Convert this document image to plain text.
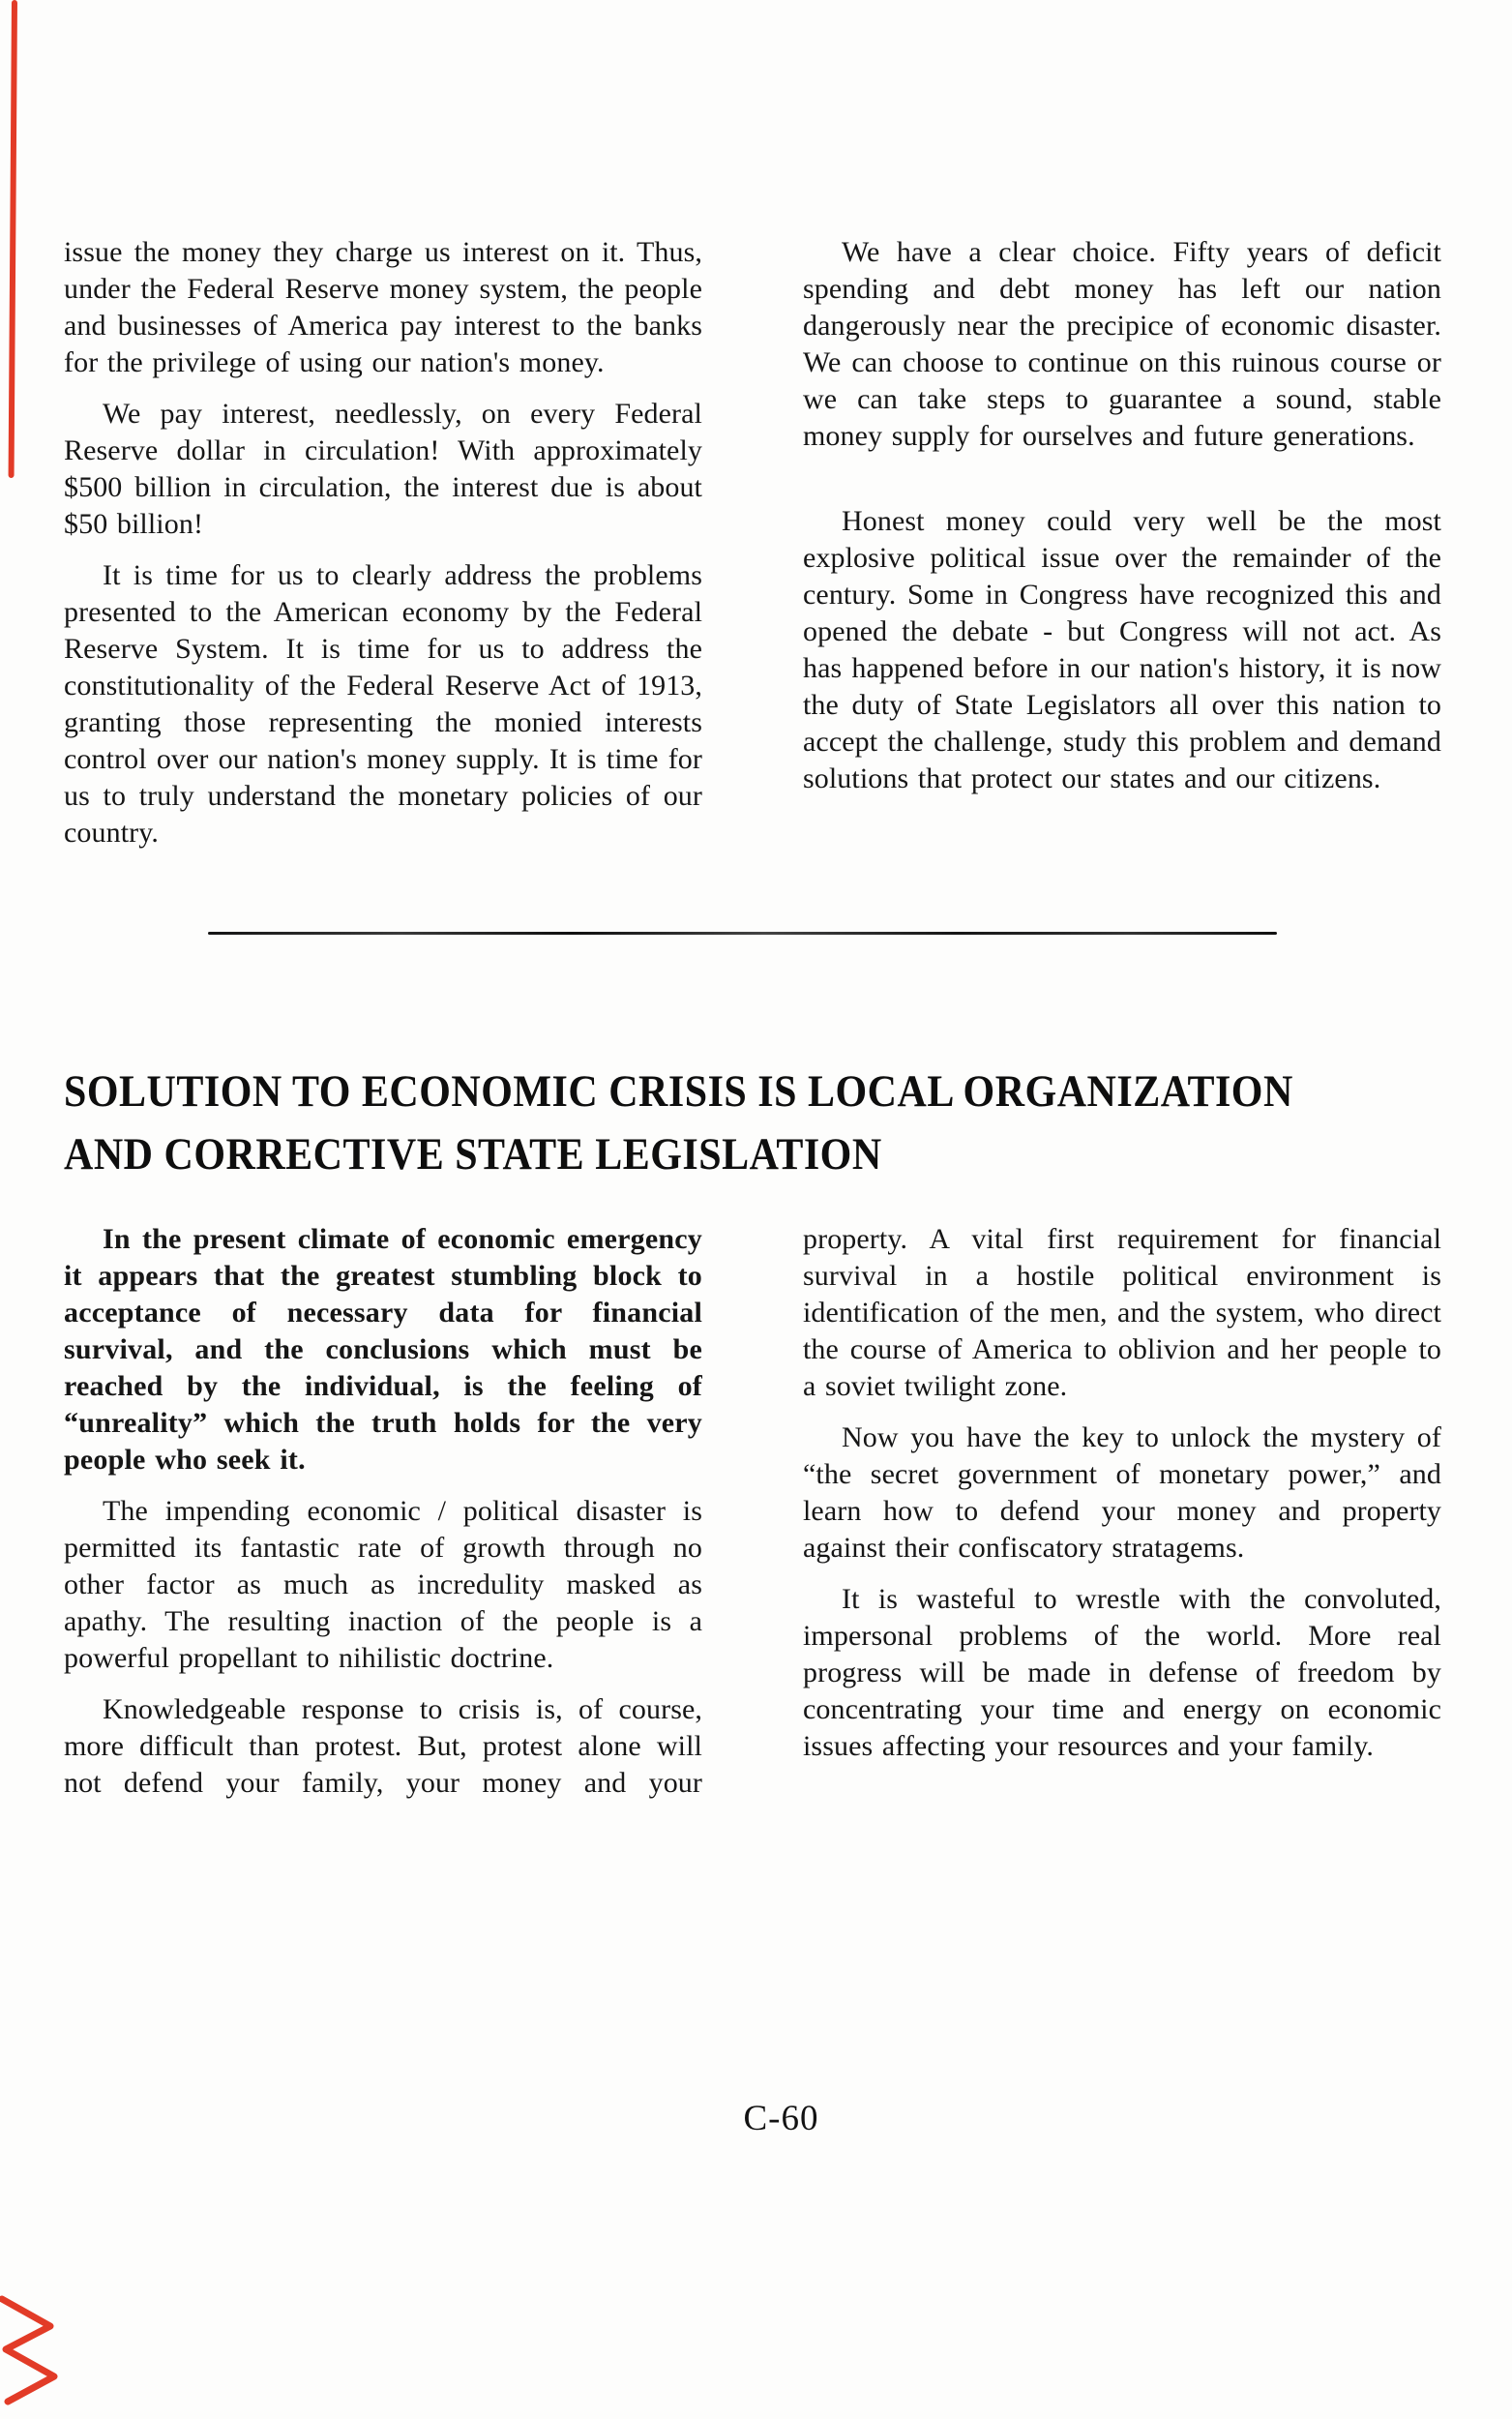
issue the money they charge us interest on it. Thus, under the Federal Reserve money system, the people and businesses of America pay interest to the banks for the privilege of using our nation's money.

We pay interest, needlessly, on every Federal Reserve dollar in circulation! With approximately $500 billion in circulation, the interest due is about $50 billion!

It is time for us to clearly address the problems presented to the American economy by the Federal Reserve System. It is time for us to address the constitutionality of the Federal Reserve Act of 1913, granting those representing the monied interests control over our nation's money supply. It is time for us to truly understand the monetary policies of our country.

We have a clear choice. Fifty years of deficit spending and debt money has left our nation dangerously near the precipice of economic disaster. We can choose to continue on this ruinous course or we can take steps to guarantee a sound, stable money supply for ourselves and future generations.

Honest money could very well be the most explosive political issue over the remainder of the century. Some in Congress have recognized this and opened the debate - but Congress will not act. As has happened before in our nation's history, it is now the duty of State Legislators all over this nation to accept the challenge, study this problem and demand solutions that protect our states and our citizens.

SOLUTION TO ECONOMIC CRISIS IS LOCAL ORGANIZATION
AND CORRECTIVE STATE LEGISLATION

In the present climate of economic emergency it appears that the greatest stumbling block to acceptance of necessary data for financial survival, and the conclusions which must be reached by the individual, is the feeling of “unreality” which the truth holds for the very people who seek it.

The impending economic / political disaster is permitted its fantastic rate of growth through no other factor as much as incredulity masked as apathy. The resulting inaction of the people is a powerful propellant to nihilistic doctrine.

Knowledgeable response to crisis is, of course, more difficult than protest. But, protest alone will not defend your family, your money and your

property. A vital first requirement for financial survival in a hostile political environment is identification of the men, and the system, who direct the course of America to oblivion and her people to a soviet twilight zone.

Now you have the key to unlock the mystery of “the secret government of monetary power,” and learn how to defend your money and property against their confiscatory stratagems.

It is wasteful to wrestle with the convoluted, impersonal problems of the world. More real progress will be made in defense of freedom by concentrating your time and energy on economic issues affecting your resources and your family.

C-60
